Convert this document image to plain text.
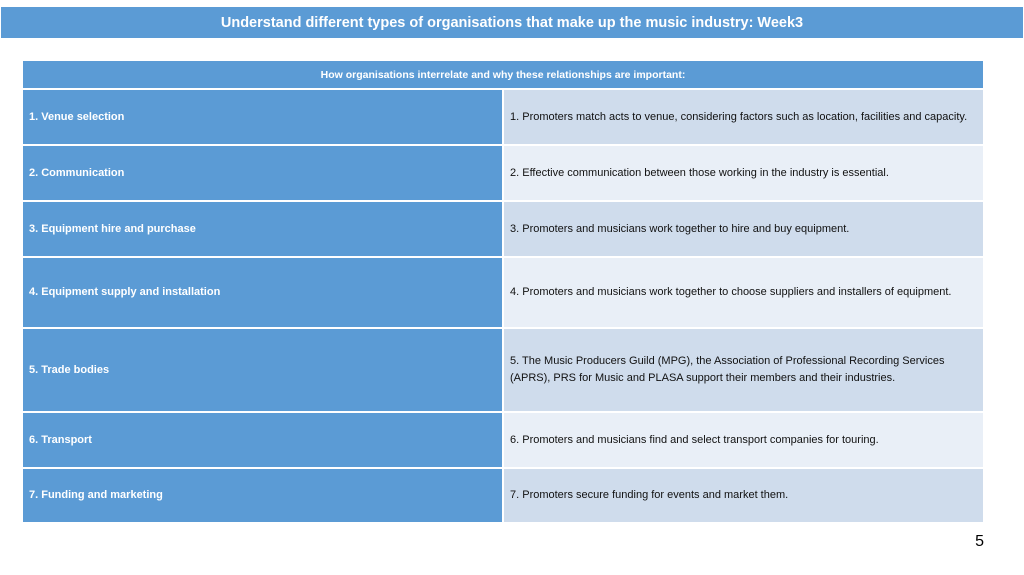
Understand different types of organisations that make up the music industry: Week3
How organisations interrelate and why these relationships are important:	
1. Venue selection	1. Promoters match acts to venue, considering factors such as location, facilities and capacity.
2. Communication	2. Effective communication between those working in the industry is essential.
3. Equipment hire and purchase	3. Promoters and musicians work together to hire and buy equipment.
4. Equipment supply and installation	4. Promoters and musicians work together to choose suppliers and installers of equipment.
5. Trade bodies	5. The Music Producers Guild (MPG), the Association of Professional Recording Services (APRS), PRS for Music and PLASA support their members and their industries.
6. Transport	6. Promoters and musicians find and select transport companies for touring.
7. Funding and marketing	7. Promoters secure funding for events and market them.
5
